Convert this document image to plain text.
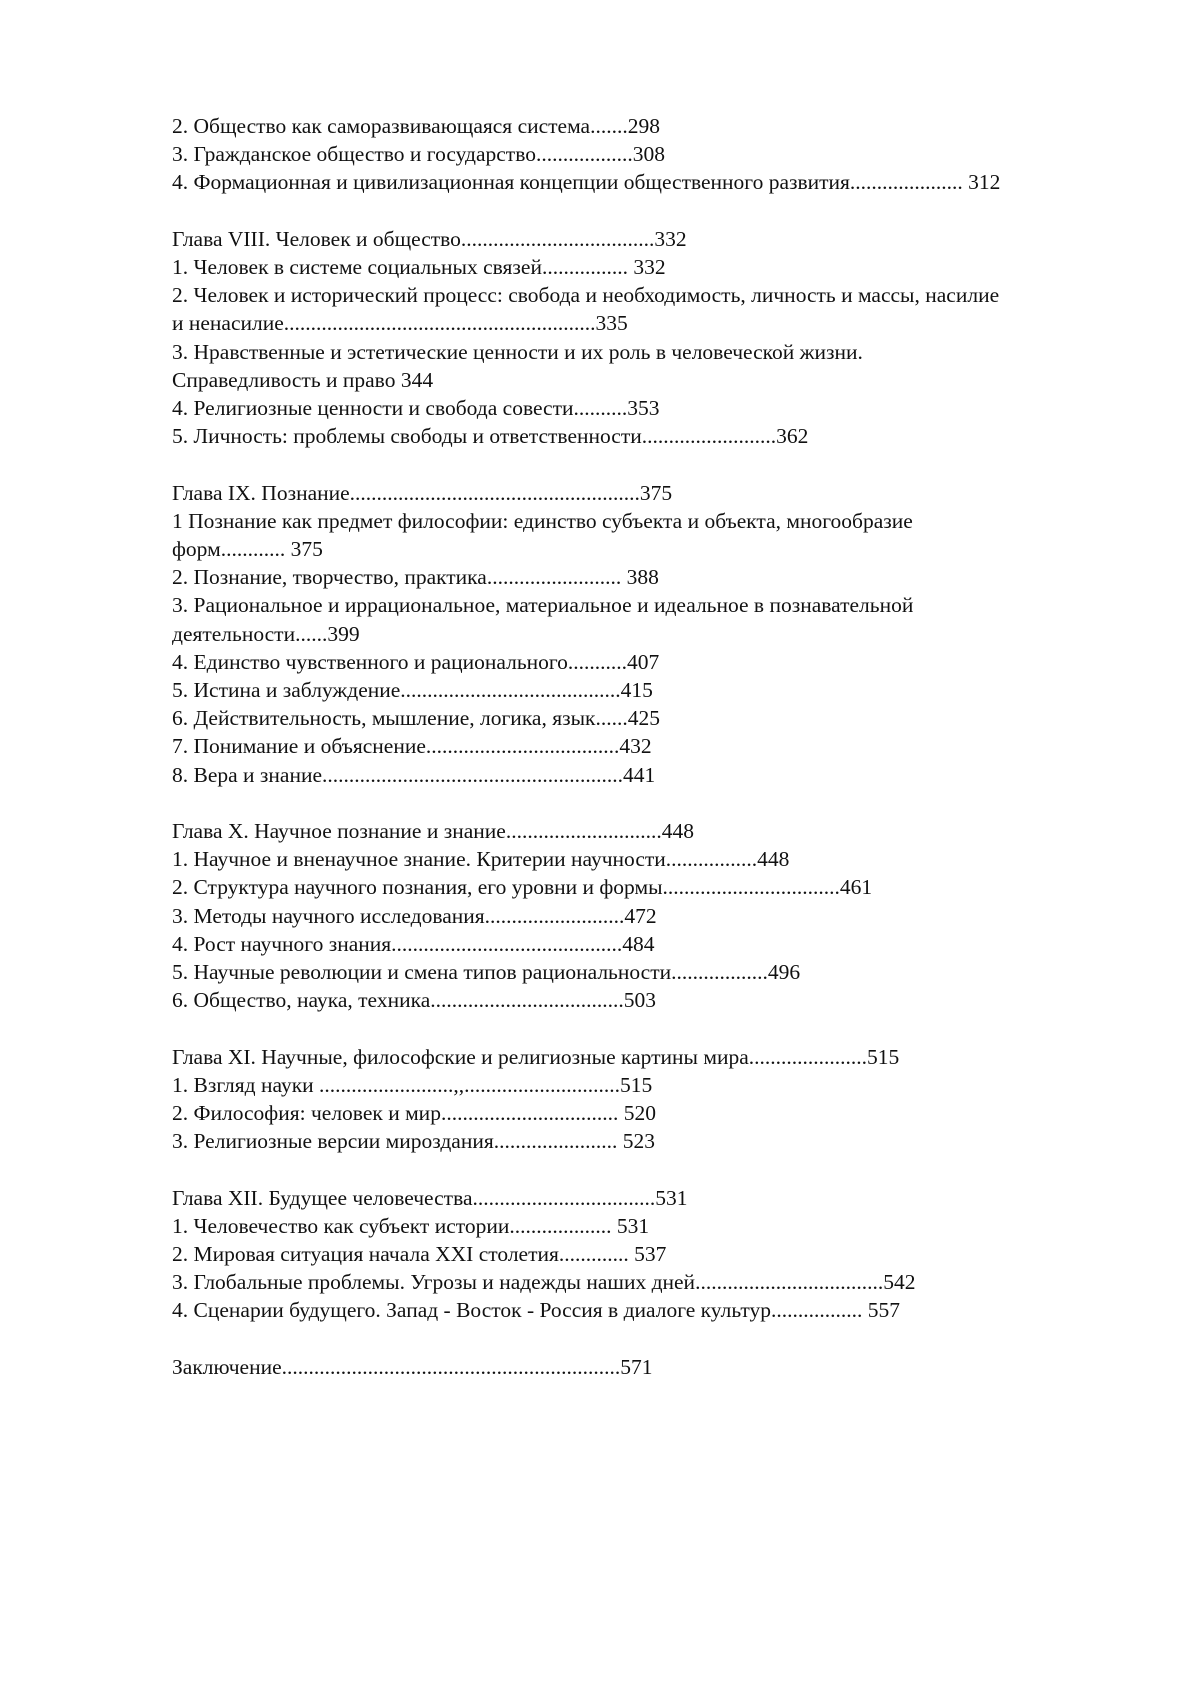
2. Общество как саморазвивающаяся система.......298
3. Гражданское общество и государство..................308
4. Формационная и цивилизационная концепции общественного развития..................... 312
Глава VIII. Человек и общество....................................332
1. Человек в системе социальных связей................ 332
2. Человек и исторический процесс: свобода и необходимость, личность и массы, насилие
и ненасилие..........................................................335
3. Нравственные и эстетические ценности и их роль в человеческой жизни.
Справедливость и право 344
4. Религиозные ценности и свобода совести..........353
5. Личность: проблемы свободы и ответственности.........................362
Глава IX. Познание......................................................375
1 Познание как предмет философии: единство субъекта и объекта, многообразие
форм............ 375
2. Познание, творчество, практика......................... 388
3. Рациональное и иррациональное, материальное и идеальное в познавательной
деятельности......399
4. Единство чувственного и рационального...........407
5. Истина и заблуждение.........................................415
6. Действительность, мышление, логика, язык......425
7. Понимание и объяснение....................................432
8. Вера и знание........................................................441
Глава X. Научное познание и знание.............................448
1. Научное и вненаучное знание. Критерии научности.................448
2. Структура научного познания, его уровни и формы.................................461
3. Методы научного исследования..........................472
4. Рост научного знания...........................................484
5. Научные революции и смена типов рациональности..................496
6. Общество, наука, техника....................................503
Глава XI. Научные, философские и религиозные картины мира......................515
1. Взгляд науки .........................,,.............................515
2. Философия: человек и мир................................. 520
3. Религиозные версии мироздания....................... 523
Глава XII. Будущее человечества..................................531
1. Человечество как субъект истории................... 531
2. Мировая ситуация начала XXI столетия............. 537
3. Глобальные проблемы. Угрозы и надежды наших дней...................................542
4. Сценарии будущего. Запад - Восток - Россия в диалоге культур................. 557
Заключение...............................................................571
